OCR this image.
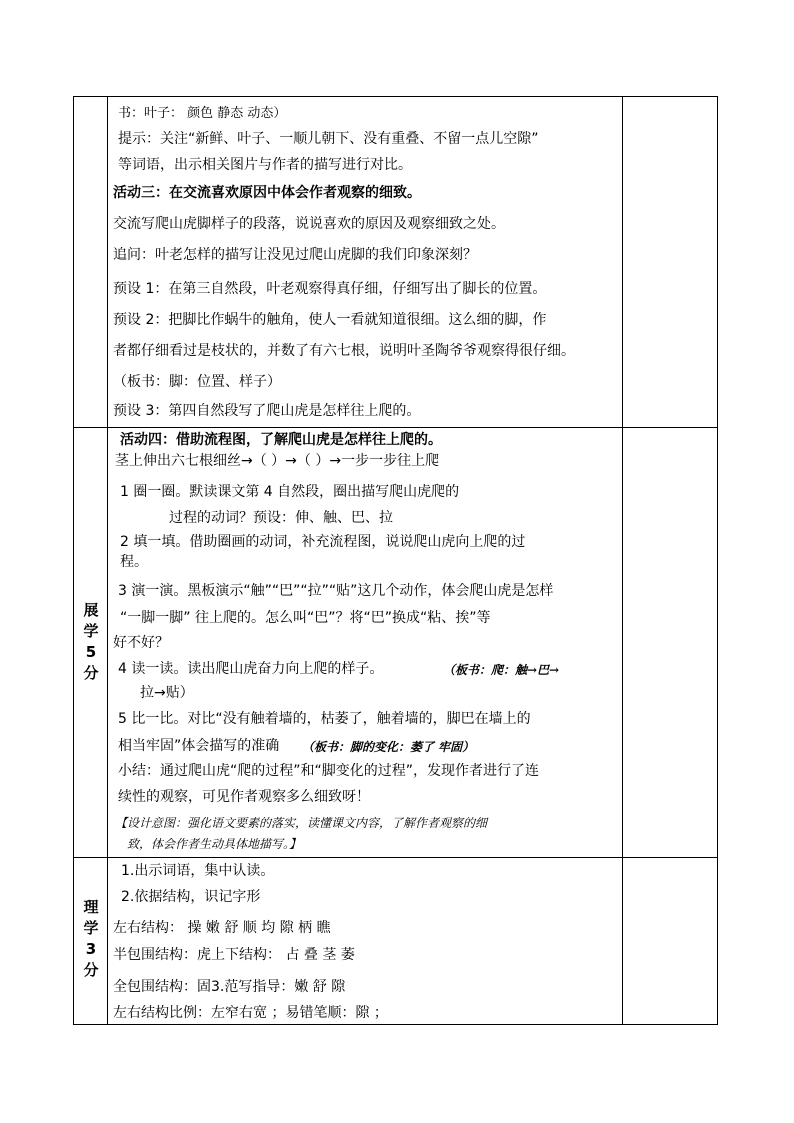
书：叶子： 颜色 静态 动态）
提示：关注“新鲜、叶子、一顺儿朝下、没有重叠、不留一点儿空隙”
等词语，出示相关图片与作者的描写进行对比。
活动三：在交流喜欢原因中体会作者观察的细致。
交流写爬山虎脚样子的段落，说说喜欢的原因及观察细致之处。
追问：叶老怎样的描写让没见过爬山虎脚的我们印象深刻？
预设 1：在第三自然段，叶老观察得真仔细，仔细写出了脚长的位置。
预设 2：把脚比作蜗牛的触角，使人一看就知道很细。这么细的脚，作
者都仔细看过是枝状的，并数了有六七根，说明叶圣陶爷爷观察得很仔细。
（板书：脚：位置、样子）
预设 3：第四自然段写了爬山虎是怎样往上爬的。
展
学
5
分
活动四：借助流程图，了解爬山虎是怎样往上爬的。
茎上伸出六七根细丝→（ ）→（ ）→一步一步往上爬
1 圈一圈。默读课文第 4 自然段，圈出描写爬山虎爬的
过程的动词？预设：伸、触、巴、拉
2 填一填。借助圈画的动词，补充流程图，说说爬山虎向上爬的过
程。
3 演一演。黑板演示“触”“巴”“拉”“贴”这几个动作，体会爬山虎是怎样
“一脚一脚” 往上爬的。怎么叫“巴”？将“巴”换成“粘、挨”等
好不好？
4 读一读。读出爬山虎奋力向上爬的样子。	（板书：爬：触→巴→
拉→贴）
5 比一比。对比“没有触着墙的，枯萎了，触着墙的，脚巴在墙上的
相当牢固”体会描写的准确 （板书：脚的变化：萎了 牢固）
小结：通过爬山虎“爬的过程”和“脚变化的过程”，发现作者进行了连
续性的观察，可见作者观察多么细致呀！
【设计意图：强化语文要素的落实，读懂课文内容，了解作者观察的细
致，体会作者生动具体地描写。】
理
学
3
分
1.出示词语，集中认读。
2.依据结构，识记字形
左右结构： 操 嫩 舒 顺 均 隙 柄 瞧
半包围结构：虎上下结构： 占 叠 茎 萎
全包围结构：固3.范写指导：嫩 舒 隙
左右结构比例：左窄右宽 ；易错笔顺：隙 ；
